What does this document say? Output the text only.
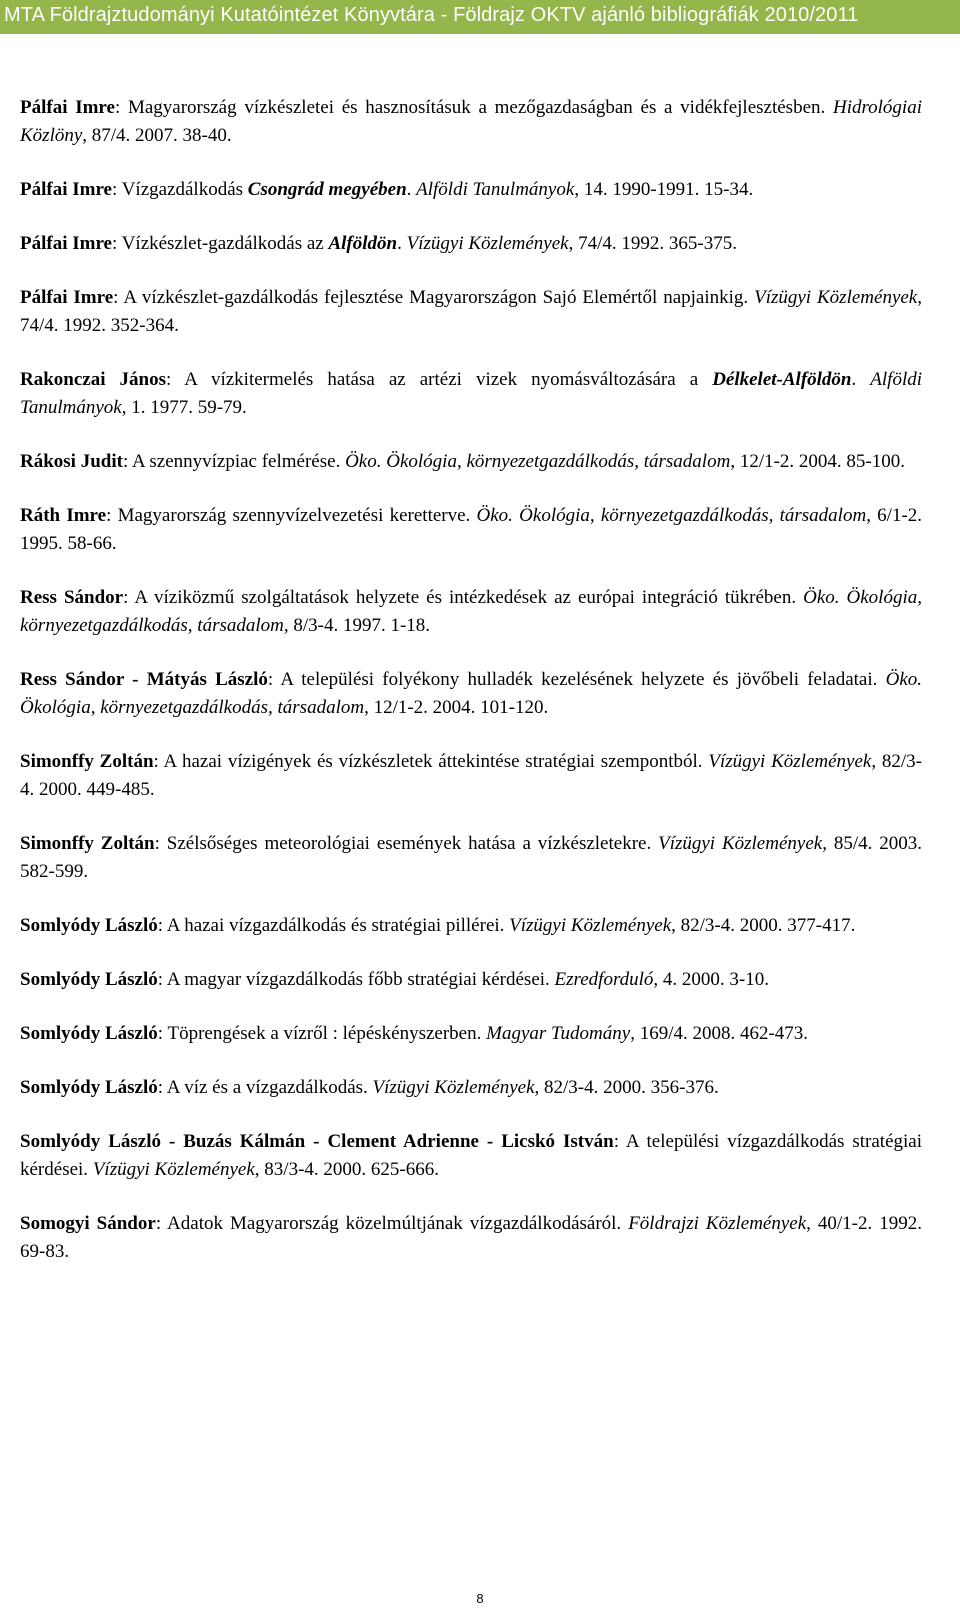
MTA Földrajztudományi Kutatóintézet Könyvtára - Földrajz OKTV ajánló bibliográfiák 2010/2011

Pálfai Imre: Magyarország vízkészletei és hasznosításuk a mezőgazdaságban és a vidékfejlesztésben. Hidrológiai Közlöny, 87/4. 2007. 38-40.

Pálfai Imre: Vízgazdálkodás Csongrád megyében. Alföldi Tanulmányok, 14. 1990-1991. 15-34.

Pálfai Imre: Vízkészlet-gazdálkodás az Alföldön. Vízügyi Közlemények, 74/4. 1992. 365-375.

Pálfai Imre: A vízkészlet-gazdálkodás fejlesztése Magyarországon Sajó Elemértől napjainkig. Vízügyi Közlemények, 74/4. 1992. 352-364.

Rakonczai János: A vízkitermelés hatása az artézi vizek nyomásváltozására a Délkelet-Alföldön. Alföldi Tanulmányok, 1. 1977. 59-79.

Rákosi Judit: A szennyvízpiac felmérése. Öko. Ökológia, környezetgazdálkodás, társadalom, 12/1-2. 2004. 85-100.

Ráth Imre: Magyarország szennyvízelvezetési keretterve. Öko. Ökológia, környezetgazdálkodás, társadalom, 6/1-2. 1995. 58-66.

Ress Sándor: A víziközmű szolgáltatások helyzete és intézkedések az európai integráció tükrében. Öko. Ökológia, környezetgazdálkodás, társadalom, 8/3-4. 1997. 1-18.

Ress Sándor - Mátyás László: A települési folyékony hulladék kezelésének helyzete és jövőbeli feladatai. Öko. Ökológia, környezetgazdálkodás, társadalom, 12/1-2. 2004. 101-120.

Simonffy Zoltán: A hazai vízigények és vízkészletek áttekintése stratégiai szempontból. Vízügyi Közlemények, 82/3-4. 2000. 449-485.

Simonffy Zoltán: Szélsőséges meteorológiai események hatása a vízkészletekre. Vízügyi Közlemények, 85/4. 2003. 582-599.

Somlyódy László: A hazai vízgazdálkodás és stratégiai pillérei. Vízügyi Közlemények, 82/3-4. 2000. 377-417.

Somlyódy László: A magyar vízgazdálkodás főbb stratégiai kérdései. Ezredforduló, 4. 2000. 3-10.

Somlyódy László: Töprengések a vízről : lépéskényszerben. Magyar Tudomány, 169/4. 2008. 462-473.

Somlyódy László: A víz és a vízgazdálkodás. Vízügyi Közlemények, 82/3-4. 2000. 356-376.

Somlyódy László - Buzás Kálmán - Clement Adrienne - Licskó István: A települési vízgazdálkodás stratégiai kérdései. Vízügyi Közlemények, 83/3-4. 2000. 625-666.

Somogyi Sándor: Adatok Magyarország közelmúltjának vízgazdálkodásáról. Földrajzi Közlemények, 40/1-2. 1992. 69-83.

8
